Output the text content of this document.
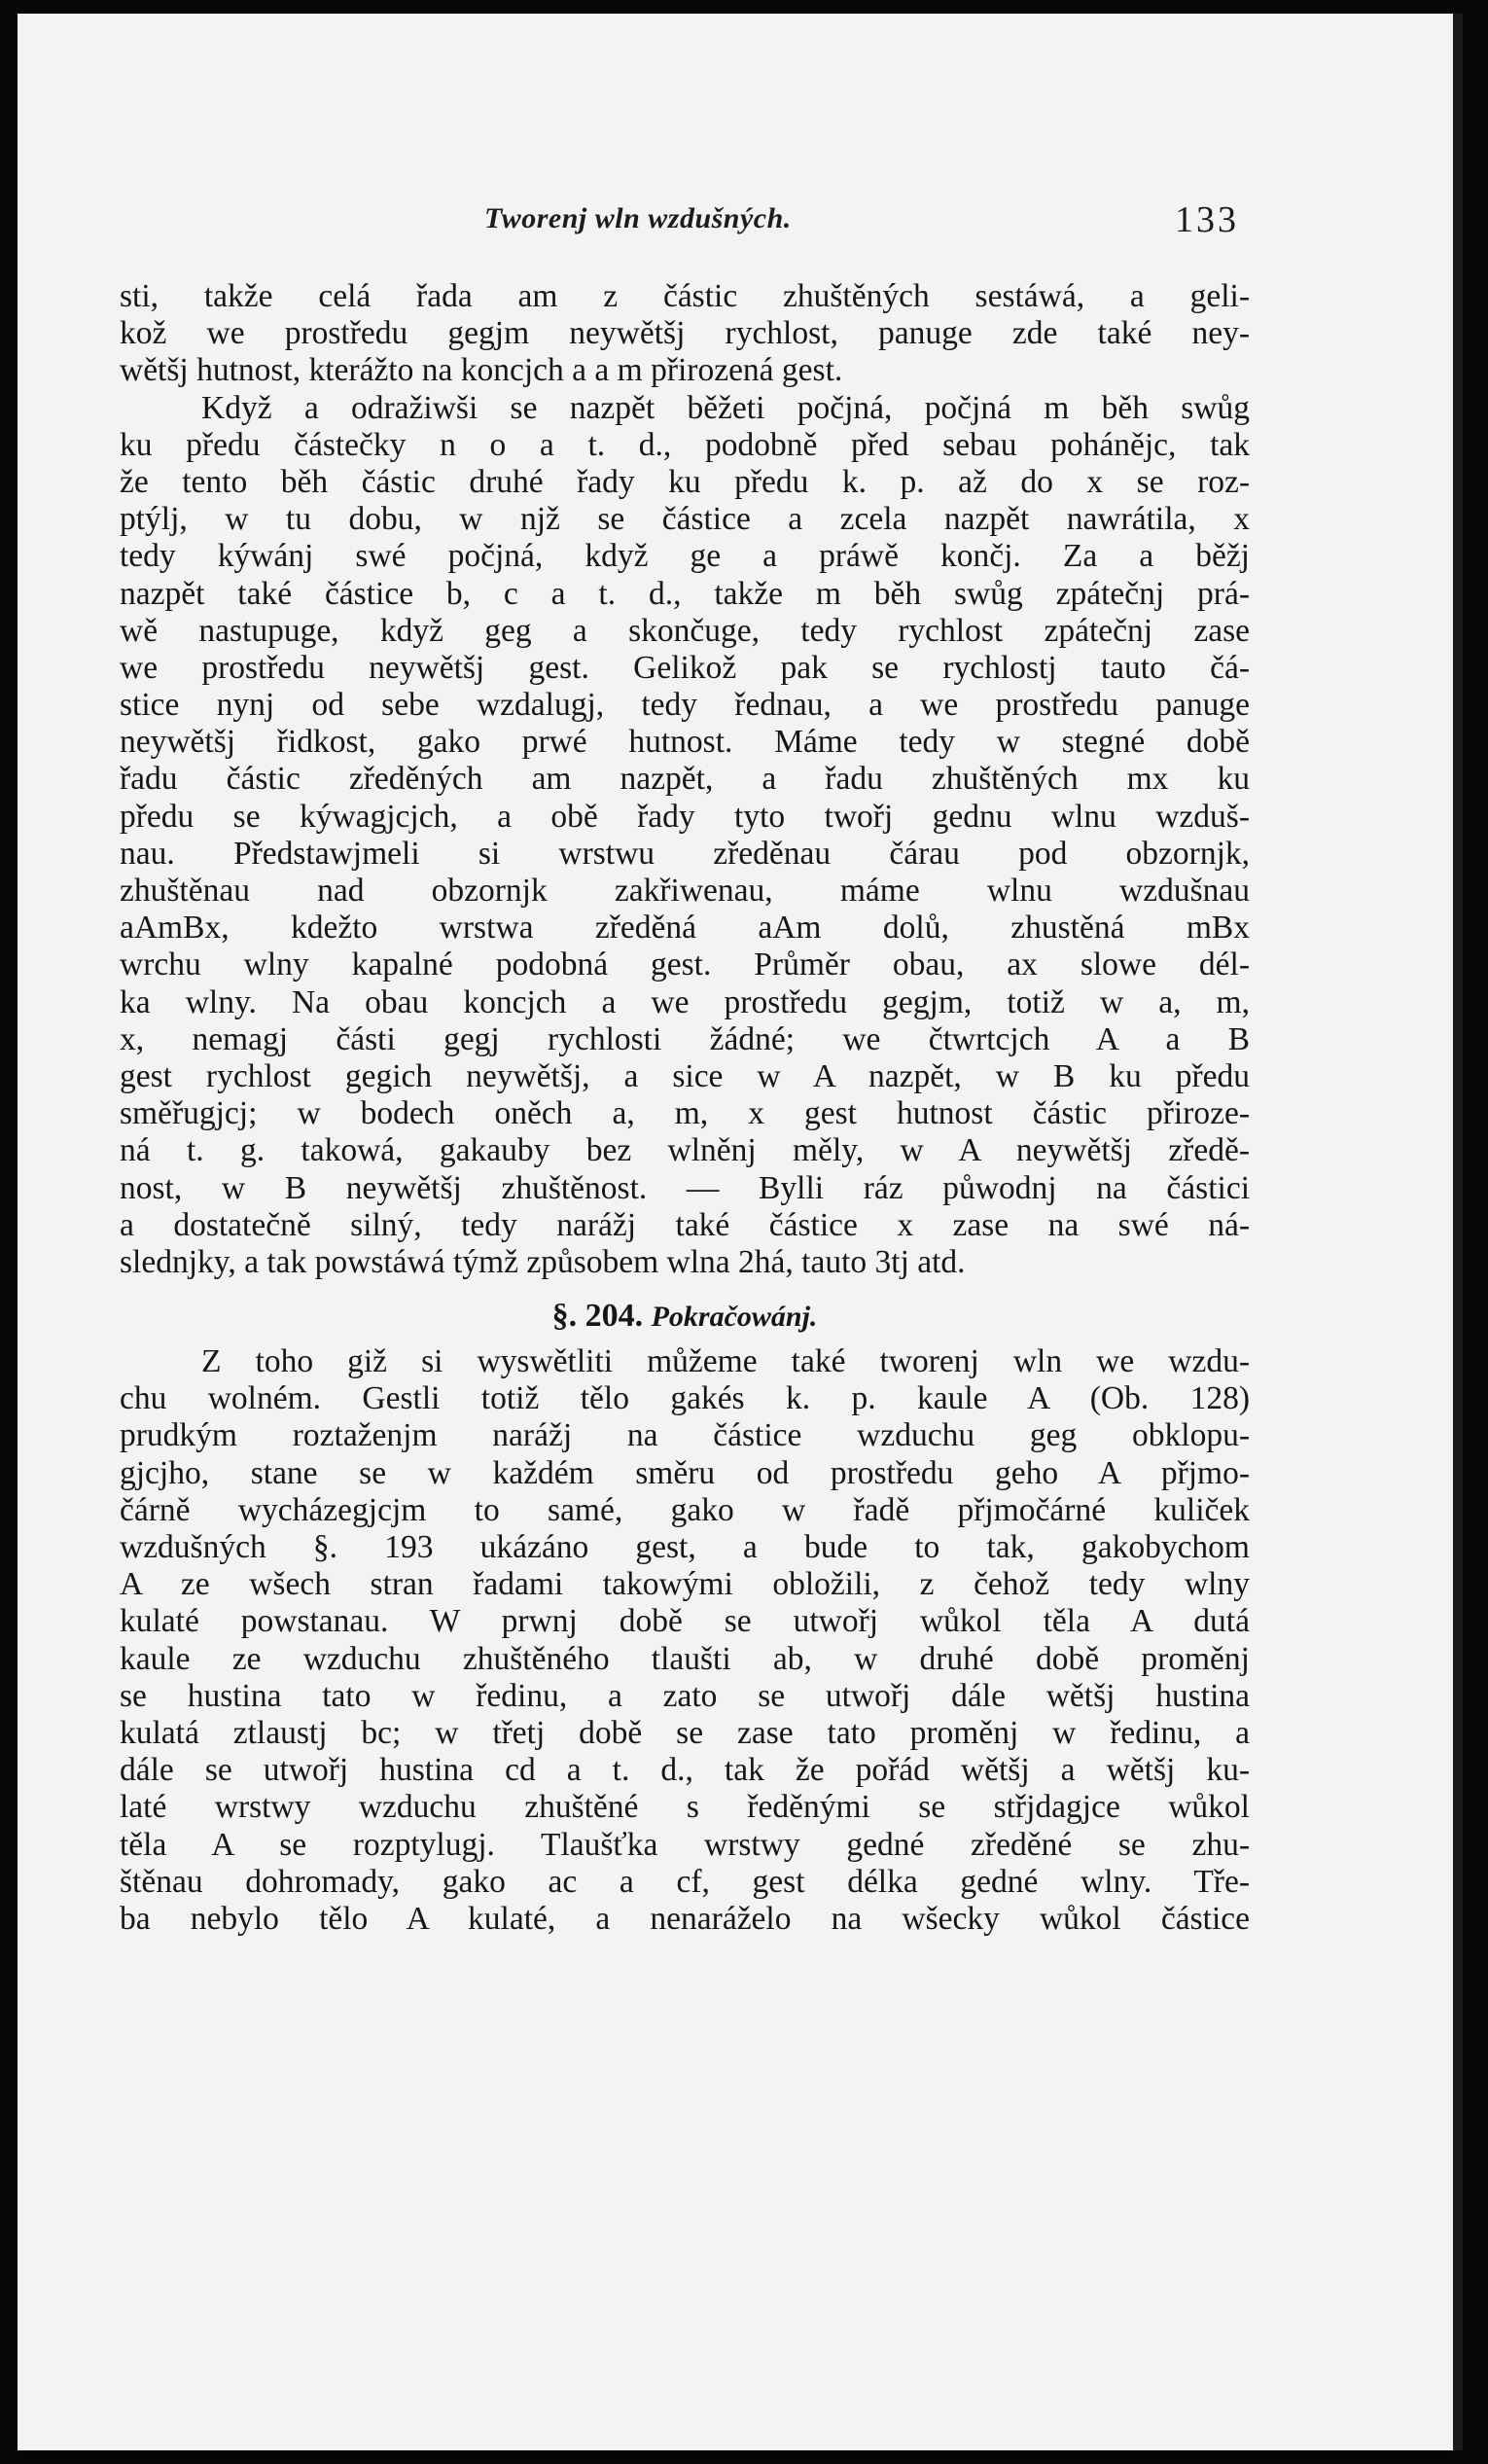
Tworenj wln wzdušných.	133
sti, takže celá řada am z částic zhuštěných sestáwá, a geli-
kož we prostředu gegjm neywětšj rychlost, panuge zde také ney-
wětšj hutnost, kterážto na koncjch a a m přirozená gest.
Když a odražiwši se nazpět běžeti počjná, počjná m běh swůg
ku předu částečky n o a t. d., podobně před sebau pohánějc, tak
že tento běh částic druhé řady ku předu k. p. až do x se roz-
ptýlj, w tu dobu, w njž se částice a zcela nazpět nawrátila, x
tedy kýwánj swé počjná, když ge a práwě končj. Za a běžj
nazpět také částice b, c a t. d., takže m běh swůg zpátečnj prá-
wě nastupuge, když geg a skončuge, tedy rychlost zpátečnj zase
we prostředu neywětšj gest. Gelikož pak se rychlostj tauto čá-
stice nynj od sebe wzdalugj, tedy řednau, a we prostředu panuge
neywětšj řidkost, gako prwé hutnost. Máme tedy w stegné době
řadu částic zředěných am nazpět, a řadu zhuštěných mx ku
předu se kýwagjcjch, a obě řady tyto twořj gednu wlnu wzduš-
nau. Předstawjmeli si wrstwu zředěnau čárau pod obzornjk,
zhuštěnau nad obzornjk zakřiwenau, máme wlnu wzdušnau
aAmBx, kdežto wrstwa zředěná aAm dolů, zhustěná mBx
wrchu wlny kapalné podobná gest. Průměr obau, ax slowe dél-
ka wlny. Na obau koncjch a we prostředu gegjm, totiž w a, m,
x, nemagj části gegj rychlosti žádné; we čtwrtcjch A a B
gest rychlost gegich neywětšj, a sice w A nazpět, w B ku předu
směřugjcj; w bodech oněch a, m, x gest hutnost částic přiroze-
ná t. g. takowá, gakauby bez wlněnj měly, w A neywětšj zředě-
nost, w B neywětšj zhuštěnost. — Bylli ráz půwodnj na částici
a dostatečně silný, tedy narážj také částice x zase na swé ná-
slednjky, a tak powstáwá týmž způsobem wlna 2há, tauto 3tj atd.
§. 204. Pokračowánj.
Z toho giž si wyswětliti můžeme také tworenj wln we wzdu-
chu wolném. Gestli totiž tělo gakés k. p. kaule A (Ob. 128)
prudkým roztaženjm narážj na částice wzduchu geg obklopu-
gjcjho, stane se w každém směru od prostředu geho A přjmo-
čárně wycházegjcjm to samé, gako w řadě přjmočárné kuliček
wzdušných §. 193 ukázáno gest, a bude to tak, gakobychom
A ze wšech stran řadami takowými obložili, z čehož tedy wlny
kulaté powstanau. W prwnj době se utwořj wůkol těla A dutá
kaule ze wzduchu zhuštěného tlaušti ab, w druhé době proměnj
se hustina tato w ředinu, a zato se utwořj dále wětšj hustina
kulatá ztlaustj bc; w třetj době se zase tato proměnj w ředinu, a
dále se utwořj hustina cd a t. d., tak že pořád wětšj a wětšj ku-
laté wrstwy wzduchu zhuštěné s ředěnými se střjdagjce wůkol
těla A se rozptylugj. Tlaušťka wrstwy gedné zředěné se zhu-
štěnau dohromady, gako ac a cf, gest délka gedné wlny. Tře-
ba nebylo tělo A kulaté, a nenaráželo na wšecky wůkol částice
